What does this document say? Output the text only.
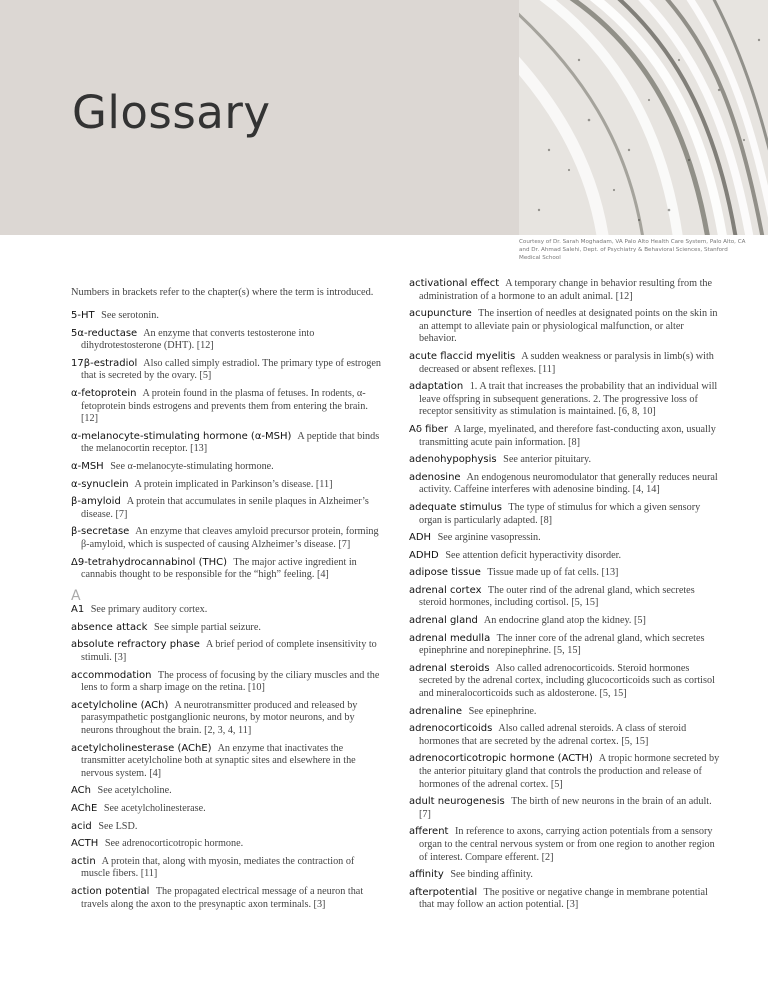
Glossary
Courtesy of Dr. Sarah Moghadam, VA Palo Alto Health Care System, Palo Alto, CA and Dr. Ahmad Salehi, Dept. of Psychiatry & Behavioral Sciences, Stanford Medical School

Numbers in brackets refer to the chapter(s) where the term is introduced.

5-HT See serotonin.
5α-reductase An enzyme that converts testosterone into dihydrotestosterone (DHT). [12]
17β-estradiol Also called simply estradiol. The primary type of estrogen that is secreted by the ovary. [5]
α-fetoprotein A protein found in the plasma of fetuses. In rodents, α-fetoprotein binds estrogens and prevents them from entering the brain. [12]
α-melanocyte-stimulating hormone (α-MSH) A peptide that binds the melanocortin receptor. [13]
α-MSH See α-melanocyte-stimulating hormone.
α-synuclein A protein implicated in Parkinson’s disease. [11]
β-amyloid A protein that accumulates in senile plaques in Alzheimer’s disease. [7]
β-secretase An enzyme that cleaves amyloid precursor protein, forming β-amyloid, which is suspected of causing Alzheimer’s disease. [7]
Δ9-tetrahydrocannabinol (THC) The major active ingredient in cannabis thought to be responsible for the “high” feeling. [4]
A
A1 See primary auditory cortex.
absence attack See simple partial seizure.
absolute refractory phase A brief period of complete insensitivity to stimuli. [3]
accommodation The process of focusing by the ciliary muscles and the lens to form a sharp image on the retina. [10]
acetylcholine (ACh) A neurotransmitter produced and released by parasympathetic postganglionic neurons, by motor neurons, and by neurons throughout the brain. [2, 3, 4, 11]
acetylcholinesterase (AChE) An enzyme that inactivates the transmitter acetylcholine both at synaptic sites and elsewhere in the nervous system. [4]
ACh See acetylcholine.
AChE See acetylcholinesterase.
acid See LSD.
ACTH See adrenocorticotropic hormone.
actin A protein that, along with myosin, mediates the contraction of muscle fibers. [11]
action potential The propagated electrical message of a neuron that travels along the axon to the presynaptic axon terminals. [3]
activational effect A temporary change in behavior resulting from the administration of a hormone to an adult animal. [12]
acupuncture The insertion of needles at designated points on the skin in an attempt to alleviate pain or physiological malfunction, or alter behavior.
acute flaccid myelitis A sudden weakness or paralysis in limb(s) with decreased or absent reflexes. [11]
adaptation 1. A trait that increases the probability that an individual will leave offspring in subsequent generations. 2. The progressive loss of receptor sensitivity as stimulation is maintained. [6, 8, 10]
Aδ fiber A large, myelinated, and therefore fast-conducting axon, usually transmitting acute pain information. [8]
adenohypophysis See anterior pituitary.
adenosine An endogenous neuromodulator that generally reduces neural activity. Caffeine interferes with adenosine binding. [4, 14]
adequate stimulus The type of stimulus for which a given sensory organ is particularly adapted. [8]
ADH See arginine vasopressin.
ADHD See attention deficit hyperactivity disorder.
adipose tissue Tissue made up of fat cells. [13]
adrenal cortex The outer rind of the adrenal gland, which secretes steroid hormones, including cortisol. [5, 15]
adrenal gland An endocrine gland atop the kidney. [5]
adrenal medulla The inner core of the adrenal gland, which secretes epinephrine and norepinephrine. [5, 15]
adrenal steroids Also called adrenocorticoids. Steroid hormones secreted by the adrenal cortex, including glucocorticoids such as cortisol and mineralocorticoids such as aldosterone. [5, 15]
adrenaline See epinephrine.
adrenocorticoids Also called adrenal steroids. A class of steroid hormones that are secreted by the adrenal cortex. [5, 15]
adrenocorticotropic hormone (ACTH) A tropic hormone secreted by the anterior pituitary gland that controls the production and release of hormones of the adrenal cortex. [5]
adult neurogenesis The birth of new neurons in the brain of an adult. [7]
afferent In reference to axons, carrying action potentials from a sensory organ to the central nervous system or from one region to another region of interest. Compare efferent. [2]
affinity See binding affinity.
afterpotential The positive or negative change in membrane potential that may follow an action potential. [3]
